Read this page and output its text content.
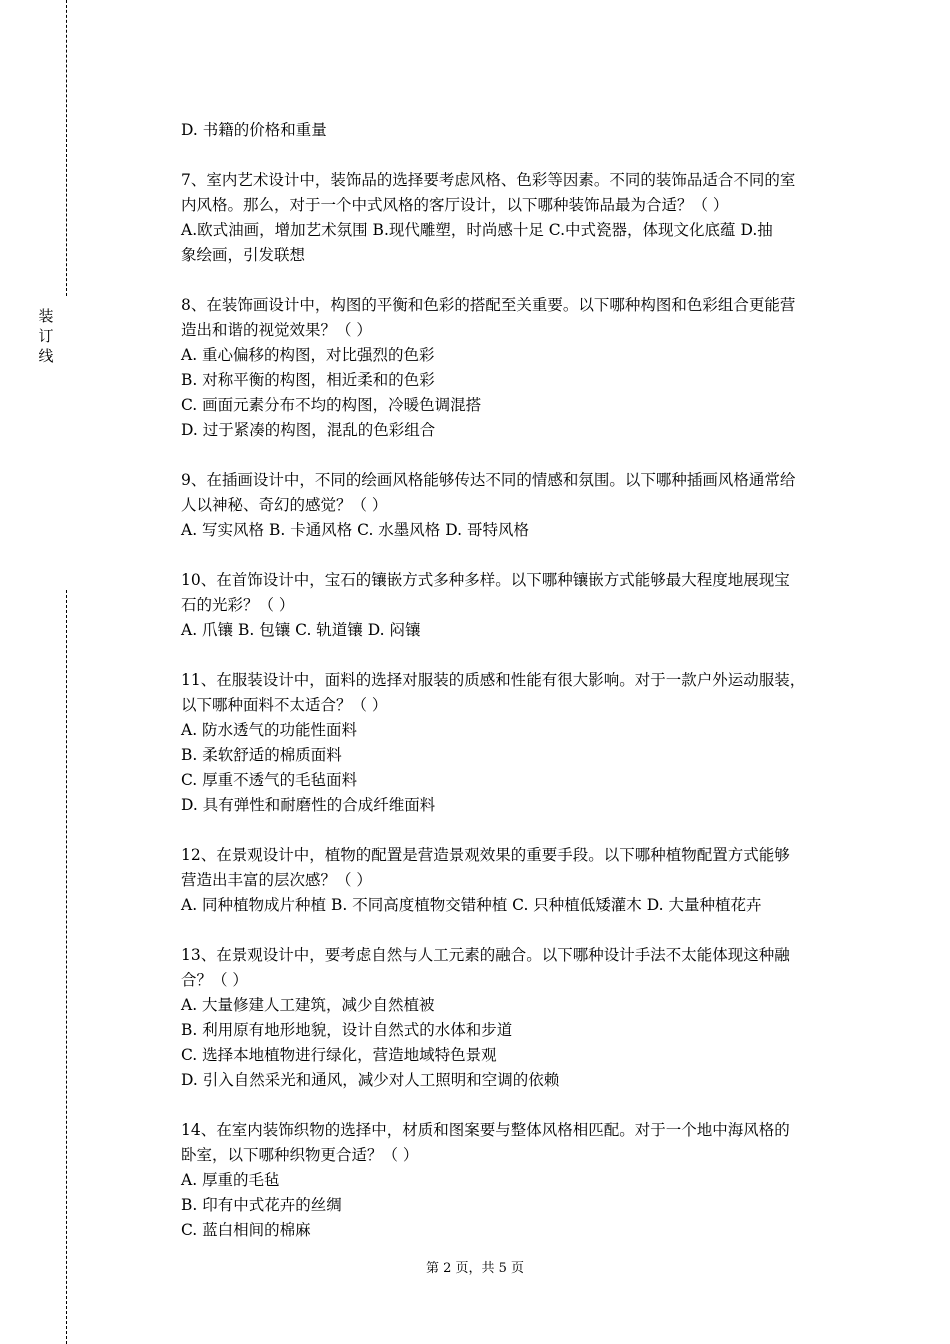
装订线
D. 书籍的价格和重量
7、室内艺术设计中，装饰品的选择要考虑风格、色彩等因素。不同的装饰品适合不同的室
内风格。那么，对于一个中式风格的客厅设计，以下哪种装饰品最为合适？（ ）
A.欧式油画，增加艺术氛围 B.现代雕塑，时尚感十足 C.中式瓷器，体现文化底蕴 D.抽
象绘画，引发联想
8、在装饰画设计中，构图的平衡和色彩的搭配至关重要。以下哪种构图和色彩组合更能营
造出和谐的视觉效果？（ ）
A. 重心偏移的构图，对比强烈的色彩
B. 对称平衡的构图，相近柔和的色彩
C. 画面元素分布不均的构图，冷暖色调混搭
D. 过于紧凑的构图，混乱的色彩组合
9、在插画设计中，不同的绘画风格能够传达不同的情感和氛围。以下哪种插画风格通常给
人以神秘、奇幻的感觉？（ ）
A. 写实风格 B. 卡通风格 C. 水墨风格 D. 哥特风格
10、在首饰设计中，宝石的镶嵌方式多种多样。以下哪种镶嵌方式能够最大程度地展现宝
石的光彩？（ ）
A. 爪镶 B. 包镶 C. 轨道镶 D. 闷镶
11、在服装设计中，面料的选择对服装的质感和性能有很大影响。对于一款户外运动服装，
以下哪种面料不太适合？（ ）
A. 防水透气的功能性面料
B. 柔软舒适的棉质面料
C. 厚重不透气的毛毡面料
D. 具有弹性和耐磨性的合成纤维面料
12、在景观设计中，植物的配置是营造景观效果的重要手段。以下哪种植物配置方式能够
营造出丰富的层次感？（ ）
A. 同种植物成片种植 B. 不同高度植物交错种植 C. 只种植低矮灌木 D. 大量种植花卉
13、在景观设计中，要考虑自然与人工元素的融合。以下哪种设计手法不太能体现这种融
合？（ ）
A. 大量修建人工建筑，减少自然植被
B. 利用原有地形地貌，设计自然式的水体和步道
C. 选择本地植物进行绿化，营造地域特色景观
D. 引入自然采光和通风，减少对人工照明和空调的依赖
14、在室内装饰织物的选择中，材质和图案要与整体风格相匹配。对于一个地中海风格的
卧室，以下哪种织物更合适？（ ）
A. 厚重的毛毡
B. 印有中式花卉的丝绸
C. 蓝白相间的棉麻
第 2 页，共 5 页
